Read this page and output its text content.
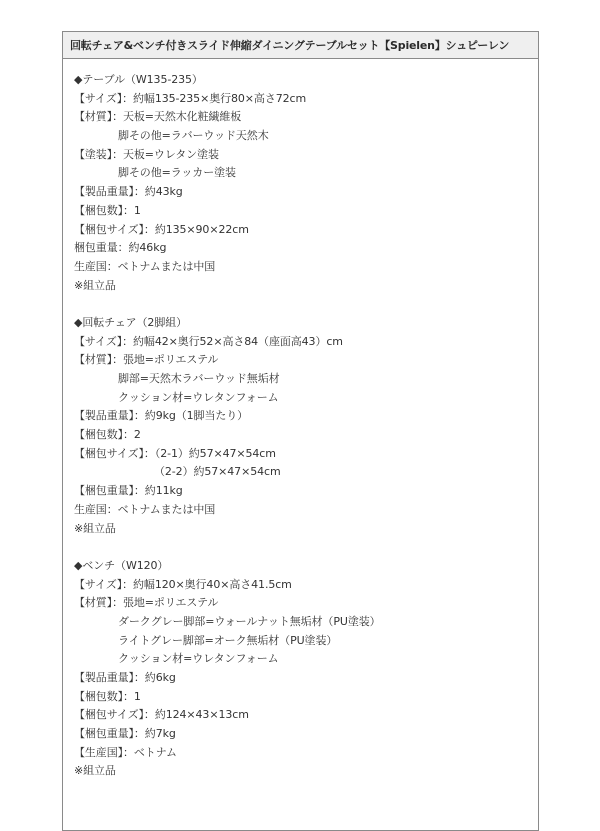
回転チェア&ベンチ付きスライド伸縮ダイニングテーブルセット【Spielen】シュピーレン
◆テーブル（W135-235）
【サイズ】：約幅135-235×奥行80×高さ72cm
【材質】：天板=天然木化粧繊維板
脚その他=ラバーウッド天然木
【塗装】：天板=ウレタン塗装
脚その他=ラッカー塗装
【製品重量】：約43kg
【梱包数】：1
【梱包サイズ】：約135×90×22cm
梱包重量：約46kg
生産国：ベトナムまたは中国
※組立品
◆回転チェア（2脚組）
【サイズ】：約幅42×奥行52×高さ84（座面高43）cm
【材質】：張地=ポリエステル
脚部=天然木ラバーウッド無垢材
クッション材=ウレタンフォーム
【製品重量】：約9kg（1脚当たり）
【梱包数】：2
【梱包サイズ】：（2-1）約57×47×54cm
（2-2）約57×47×54cm
【梱包重量】：約11kg
生産国：ベトナムまたは中国
※組立品
◆ベンチ（W120）
【サイズ】：約幅120×奥行40×高さ41.5cm
【材質】：張地=ポリエステル
ダークグレー脚部=ウォールナット無垢材（PU塗装）
ライトグレー脚部=オーク無垢材（PU塗装）
クッション材=ウレタンフォーム
【製品重量】：約6kg
【梱包数】：1
【梱包サイズ】：約124×43×13cm
【梱包重量】：約7kg
【生産国】：ベトナム
※組立品
